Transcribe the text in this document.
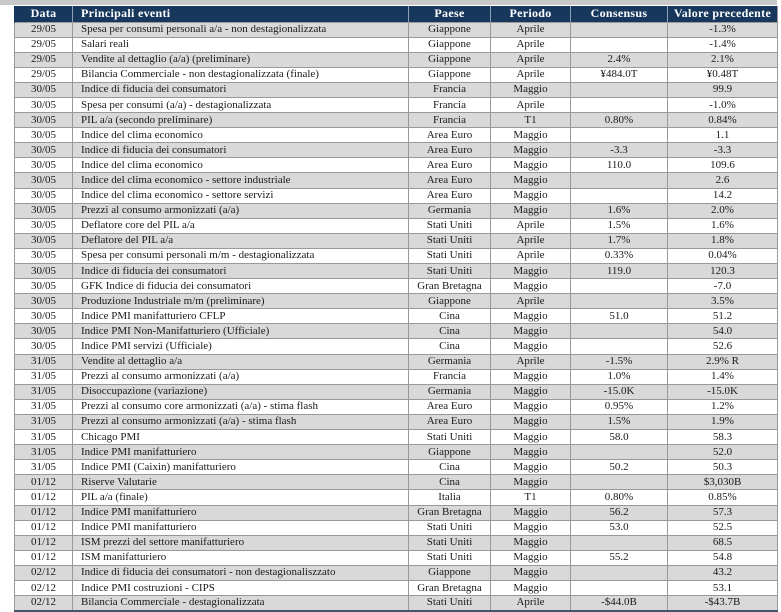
Data	Principali eventi	Paese	Periodo	Consensus	Valore precedente
29/05	Spesa per consumi personali a/a - non destagionalizzata	Giappone	Aprile		-1.3%
29/05	Salari reali	Giappone	Aprile		-1.4%
29/05	Vendite al dettaglio (a/a) (preliminare)	Giappone	Aprile	2.4%	2.1%
29/05	Bilancia Commerciale - non destagionalizzata (finale)	Giappone	Aprile	¥484.0T	¥0.48T
30/05	Indice di fiducia dei consumatori	Francia	Maggio		99.9
30/05	Spesa per consumi (a/a) - destagionalizzata	Francia	Aprile		-1.0%
30/05	PIL a/a (secondo preliminare)	Francia	T1	0.80%	0.84%
30/05	Indice del clima economico	Area Euro	Maggio		1.1
30/05	Indice di fiducia dei consumatori	Area Euro	Maggio	-3.3	-3.3
30/05	Indice del clima economico	Area Euro	Maggio	110.0	109.6
30/05	Indice del clima economico - settore industriale	Area Euro	Maggio		2.6
30/05	Indice del clima economico - settore servizi	Area Euro	Maggio		14.2
30/05	Prezzi al consumo armonizzati (a/a)	Germania	Maggio	1.6%	2.0%
30/05	Deflatore core del PIL a/a	Stati Uniti	Aprile	1.5%	1.6%
30/05	Deflatore del PIL a/a	Stati Uniti	Aprile	1.7%	1.8%
30/05	Spesa per consumi personali m/m - destagionalizzata	Stati Uniti	Aprile	0.33%	0.04%
30/05	Indice di fiducia dei consumatori	Stati Uniti	Maggio	119.0	120.3
30/05	GFK Indice di fiducia dei consumatori	Gran Bretagna	Maggio		-7.0
30/05	Produzione Industriale m/m (preliminare)	Giappone	Aprile		3.5%
30/05	Indice PMI manifatturiero CFLP	Cina	Maggio	51.0	51.2
30/05	Indice PMI Non-Manifatturiero (Ufficiale)	Cina	Maggio		54.0
30/05	Indice PMI servizi (Ufficiale)	Cina	Maggio		52.6
31/05	Vendite al dettaglio a/a	Germania	Aprile	-1.5%	2.9% R
31/05	Prezzi al consumo armonizzati (a/a)	Francia	Maggio	1.0%	1.4%
31/05	Disoccupazione (variazione)	Germania	Maggio	-15.0K	-15.0K
31/05	Prezzi al consumo core armonizzati (a/a) - stima flash	Area Euro	Maggio	0.95%	1.2%
31/05	Prezzi al consumo armonizzati (a/a) - stima flash	Area Euro	Maggio	1.5%	1.9%
31/05	Chicago PMI	Stati Uniti	Maggio	58.0	58.3
31/05	Indice PMI manifatturiero	Giappone	Maggio		52.0
31/05	Indice PMI (Caixin) manifatturiero	Cina	Maggio	50.2	50.3
01/12	Riserve Valutarie	Cina	Maggio		$3,030B
01/12	PIL a/a (finale)	Italia	T1	0.80%	0.85%
01/12	Indice PMI manifatturiero	Gran Bretagna	Maggio	56.2	57.3
01/12	Indice PMI manifatturiero	Stati Uniti	Maggio	53.0	52.5
01/12	ISM prezzi del settore manifatturiero	Stati Uniti	Maggio		68.5
01/12	ISM manifatturiero	Stati Uniti	Maggio	55.2	54.8
02/12	Indice di fiducia dei consumatori - non destagionaliszzato	Giappone	Maggio		43.2
02/12	Indice PMI costruzioni - CIPS	Gran Bretagna	Maggio		53.1
02/12	Bilancia Commerciale - destagionalizzata	Stati Uniti	Aprile	-$44.0B	-$43.7B
